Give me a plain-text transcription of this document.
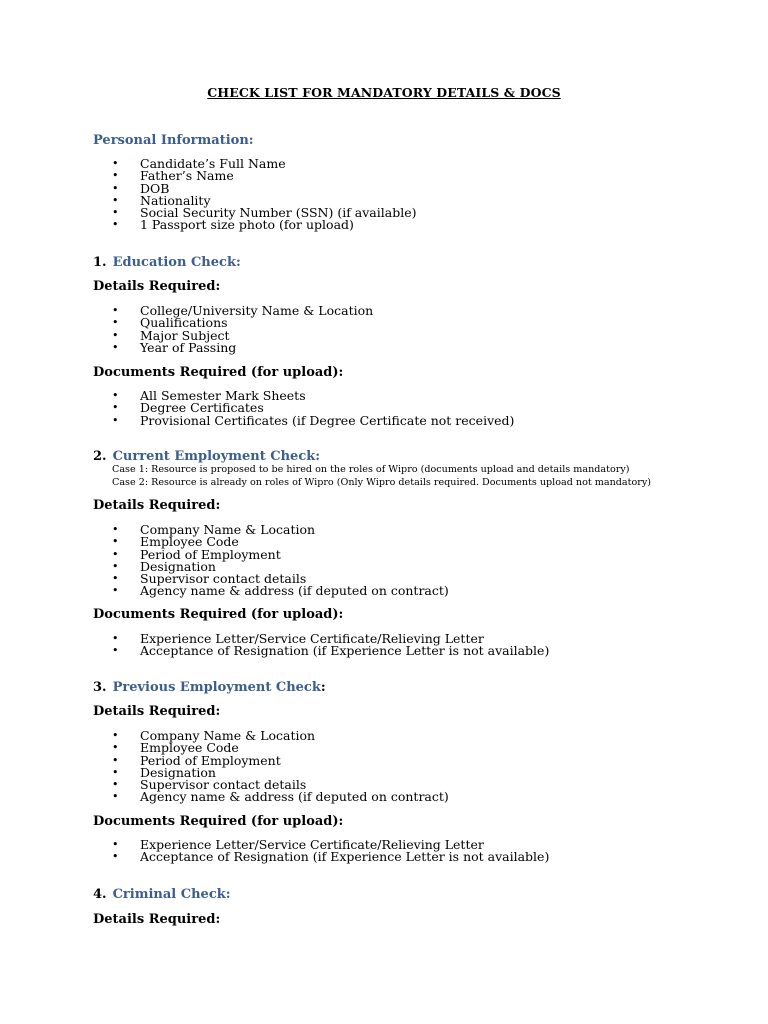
CHECK LIST FOR MANDATORY DETAILS & DOCS
Personal Information:
• Candidate’s Full Name
• Father’s Name
• DOB
• Nationality
• Social Security Number (SSN) (if available)
• 1 Passport size photo (for upload)
1. Education Check:
Details Required:
• College/University Name & Location
• Qualifications
• Major Subject
• Year of Passing
Documents Required (for upload):
• All Semester Mark Sheets
• Degree Certificates
• Provisional Certificates (if Degree Certificate not received)
2. Current Employment Check:
Case 1: Resource is proposed to be hired on the roles of Wipro (documents upload and details mandatory)
Case 2: Resource is already on roles of Wipro (Only Wipro details required. Documents upload not mandatory)
Details Required:
• Company Name & Location
• Employee Code
• Period of Employment
• Designation
• Supervisor contact details
• Agency name & address (if deputed on contract)
Documents Required (for upload):
• Experience Letter/Service Certificate/Relieving Letter
• Acceptance of Resignation (if Experience Letter is not available)
3. Previous Employment Check:
Details Required:
• Company Name & Location
• Employee Code
• Period of Employment
• Designation
• Supervisor contact details
• Agency name & address (if deputed on contract)
Documents Required (for upload):
• Experience Letter/Service Certificate/Relieving Letter
• Acceptance of Resignation (if Experience Letter is not available)
4. Criminal Check:
Details Required:
